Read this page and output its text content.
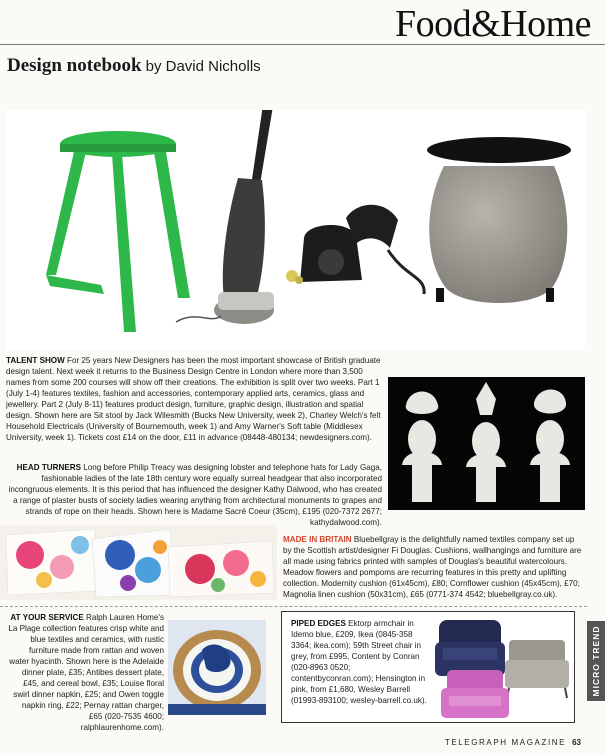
Food&Home
Design notebook by David Nicholls
TALENT SHOW For 25 years New Designers has been the most important showcase of British graduate design talent. Next week it returns to the Business Design Centre in London where more than 3,500 names from some 200 courses will show off their creations. The exhibition is split over two weeks. Part 1 (July 1-4) features textiles, fashion and accessories, contemporary applied arts, ceramics, glass and jewellery. Part 2 (July 8-11) features product design, furniture, graphic design, illustration and spatial design. Shown here are Sit stool by Jack Wilesmith (Bucks New University, week 2), Charley Welch's felt Household Electricals (University of Bournemouth, week 1) and Amy Warner's Soft table (Middlesex University, week 1). Tickets cost £14 on the door, £11 in advance (08448-480134; newdesigners.com).
HEAD TURNERS Long before Philip Treacy was designing lobster and telephone hats for Lady Gaga, fashionable ladies of the late 18th century wore equally surreal headgear that also incorporated incongruous elements. It is this period that has influenced the designer Kathy Dalwood, who has created a range of plaster busts of society ladies wearing anything from architectural monuments to grapes and strands of rope on their heads. Shown here is Madame Sacré Coeur (35cm), £195 (020-7372 2677; kathydalwood.com).
MADE IN BRITAIN Bluebellgray is the delightfully named textiles company set up by the Scottish artist/designer Fi Douglas. Cushions, wallhangings and furniture are all made using fabrics printed with samples of Douglas's beautiful watercolours. Meadow flowers and pompoms are recurring features in this pretty and uplifting collection. Modernity cushion (61x45cm), £80; Cornflower cushion (45x45cm), £70; Magnolia linen cushion (50x31cm), £65 (0771-374 4542; bluebellgray.co.uk).
AT YOUR SERVICE Ralph Lauren Home's La Plage collection features crisp white and blue textiles and ceramics, with rustic furniture made from rattan and woven water hyacinth. Shown here is the Adelaide dinner plate, £35; Antibes dessert plate, £45, and cereal bowl, £35; Louise floral swirl dinner napkin, £25; and Owen toggle napkin ring, £22; Pernay rattan charger, £65 (020-7535 4600; ralphlaurenhome.com).
PIPED EDGES Ektorp armchair in Idemo blue, £209, Ikea (0845-358 3364; ikea.com); 59th Street chair in grey, from £995, Content by Conran (020-8963 0520; contentbyconran.com); Hensington in pink, from £1,680, Wesley Barrell (01993-893100; wesley-barrell.co.uk).
MICRO TREND
TELEGRAPH MAGAZINE 63
